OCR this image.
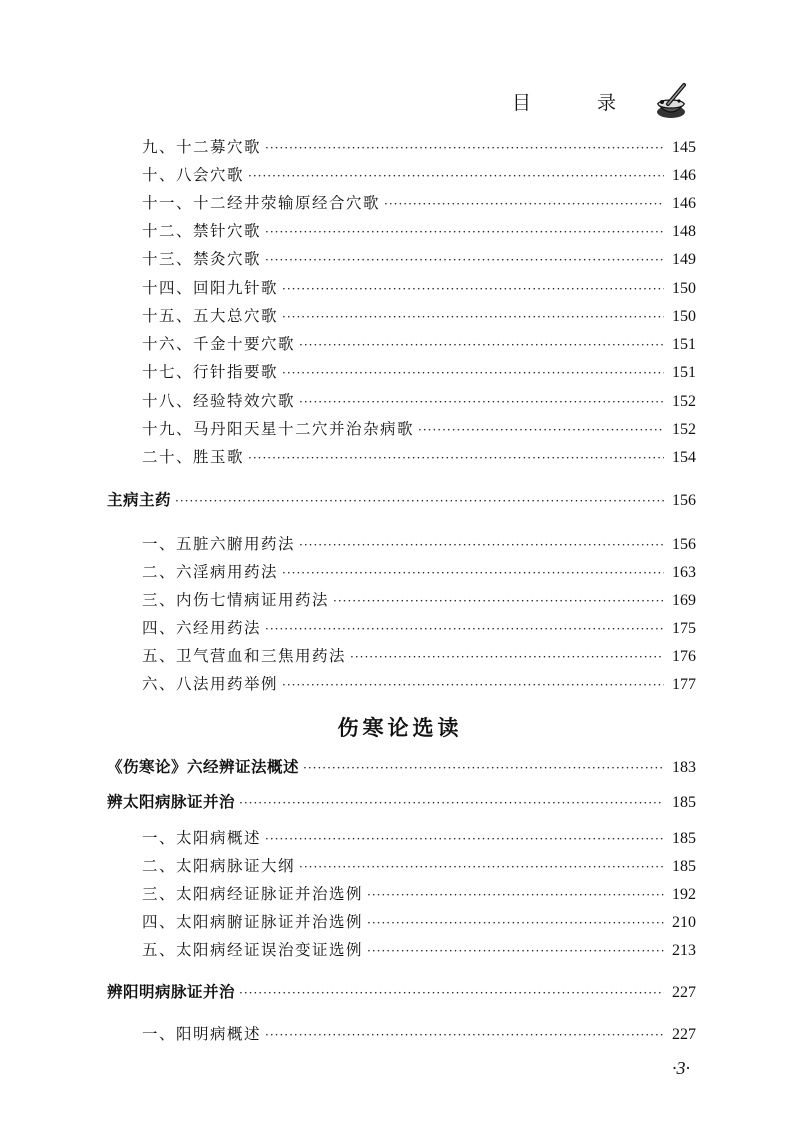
目 录
九、十二募穴歌 ·····	145
十、八会穴歌 ·····	146
十一、十二经井荥输原经合穴歌 ·····	146
十二、禁针穴歌 ·····	148
十三、禁灸穴歌 ·····	149
十四、回阳九针歌 ·····	150
十五、五大总穴歌 ·····	150
十六、千金十要穴歌 ·····	151
十七、行针指要歌 ·····	151
十八、经验特效穴歌 ·····	152
十九、马丹阳天星十二穴并治杂病歌 ·····	152
二十、胜玉歌 ·····	154
主病主药 ·····	156
一、五脏六腑用药法 ·····	156
二、六淫病用药法 ·····	163
三、内伤七情病证用药法 ·····	169
四、六经用药法 ·····	175
五、卫气营血和三焦用药法 ·····	176
六、八法用药举例 ·····	177
伤寒论选读
《伤寒论》六经辨证法概述 ·····	183
辨太阳病脉证并治 ·····	185
一、太阳病概述 ·····	185
二、太阳病脉证大纲 ·····	185
三、太阳病经证脉证并治选例 ·····	192
四、太阳病腑证脉证并治选例 ·····	210
五、太阳病经证误治变证选例 ·····	213
辨阳明病脉证并治 ·····	227
一、阳明病概述 ·····	227
·3·
